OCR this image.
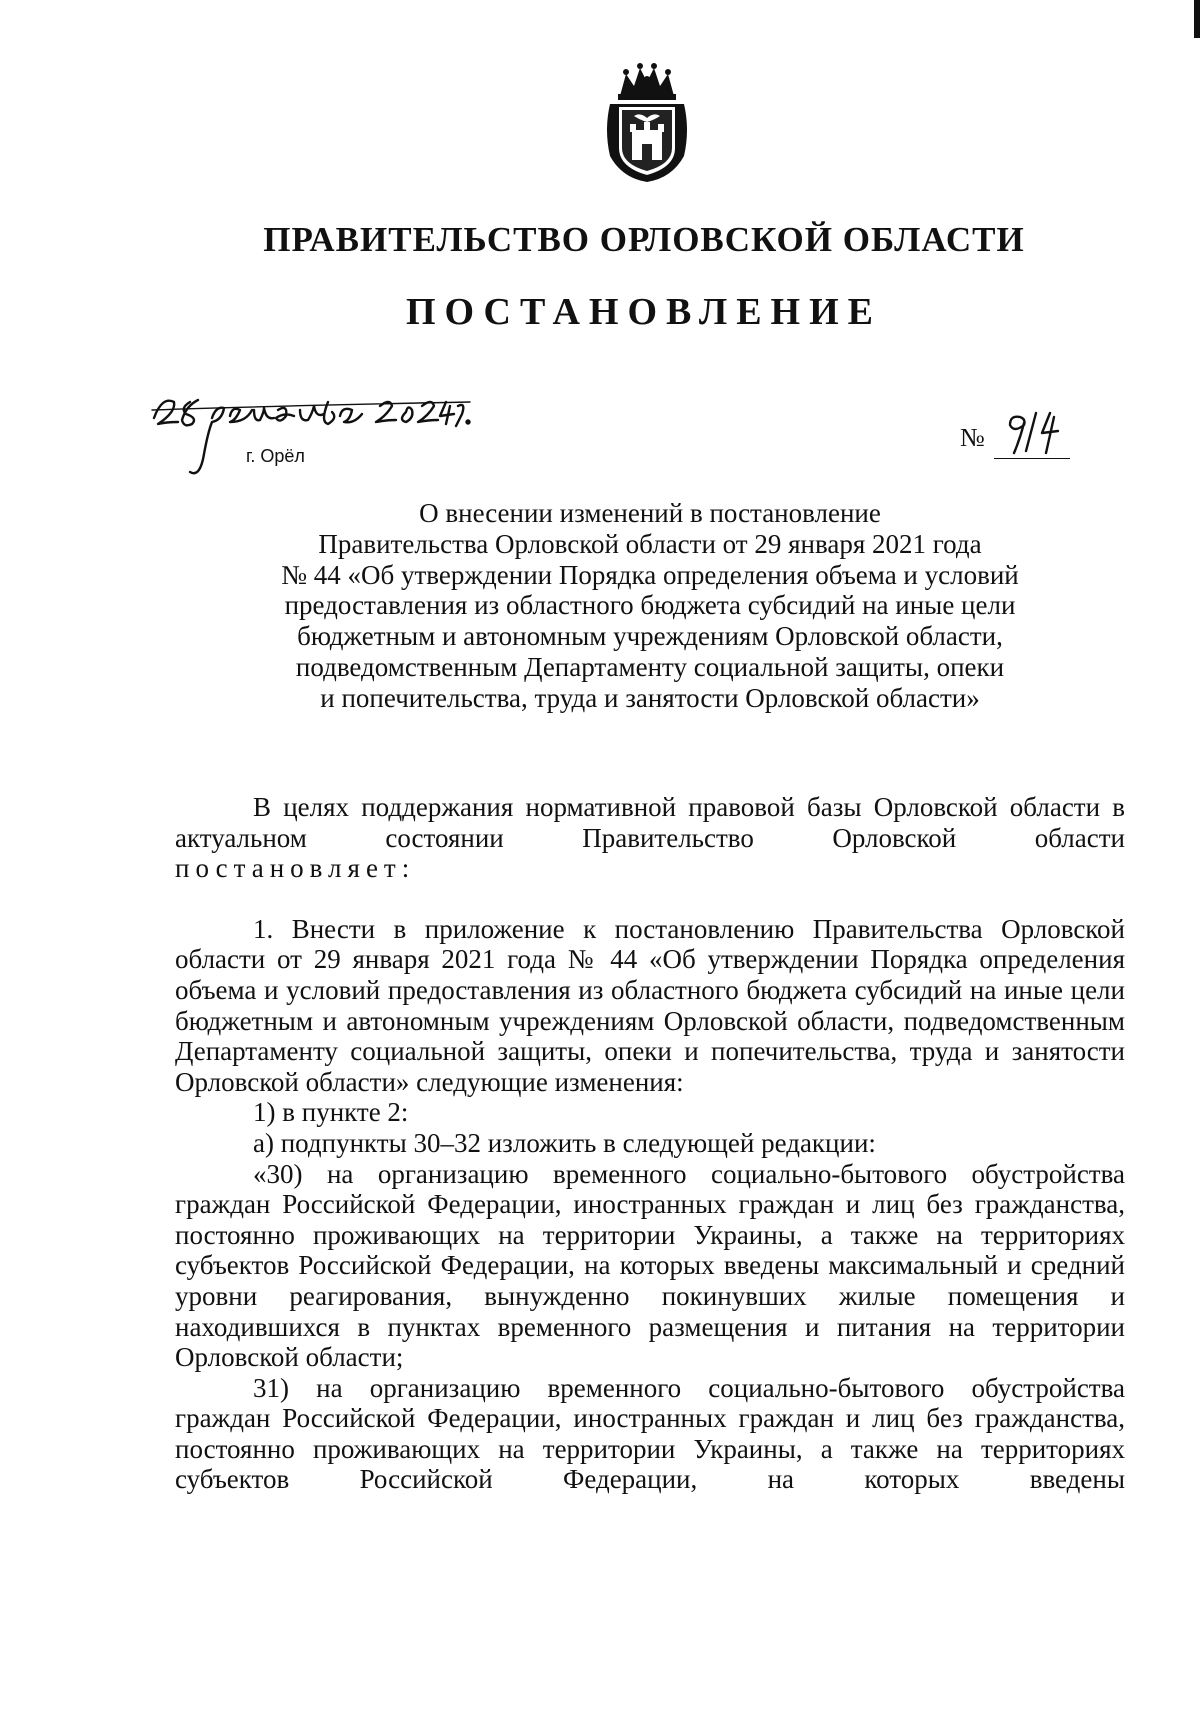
ПРАВИТЕЛЬСТВО ОРЛОВСКОЙ ОБЛАСТИ
ПОСТАНОВЛЕНИЕ
г. Орёл
№
О внесении изменений в постановление
Правительства Орловской области от 29 января 2021 года
№ 44 «Об утверждении Порядка определения объема и условий
предоставления из областного бюджета субсидий на иные цели
бюджетным и автономным учреждениям Орловской области,
подведомственным Департаменту социальной защиты, опеки
и попечительства, труда и занятости Орловской области»
В целях поддержания нормативной правовой базы Орловской области в актуальном состоянии Правительство Орловской области
постановляет:
1. Внести в приложение к постановлению Правительства Орловской области от 29 января 2021 года № 44 «Об утверждении Порядка определения объема и условий предоставления из областного бюджета субсидий на иные цели бюджетным и автономным учреждениям Орловской области, подведомственным Департаменту социальной защиты, опеки и попечительства, труда и занятости Орловской области» следующие изменения:
1) в пункте 2:
а) подпункты 30–32 изложить в следующей редакции:
«30) на организацию временного социально-бытового обустройства граждан Российской Федерации, иностранных граждан и лиц без гражданства, постоянно проживающих на территории Украины, а также на территориях субъектов Российской Федерации, на которых введены максимальный и средний уровни реагирования, вынужденно покинувших жилые помещения и находившихся в пунктах временного размещения и питания на территории Орловской области;
31) на организацию временного социально-бытового обустройства граждан Российской Федерации, иностранных граждан и лиц без гражданства, постоянно проживающих на территории Украины, а также на территориях субъектов Российской Федерации, на которых введены
